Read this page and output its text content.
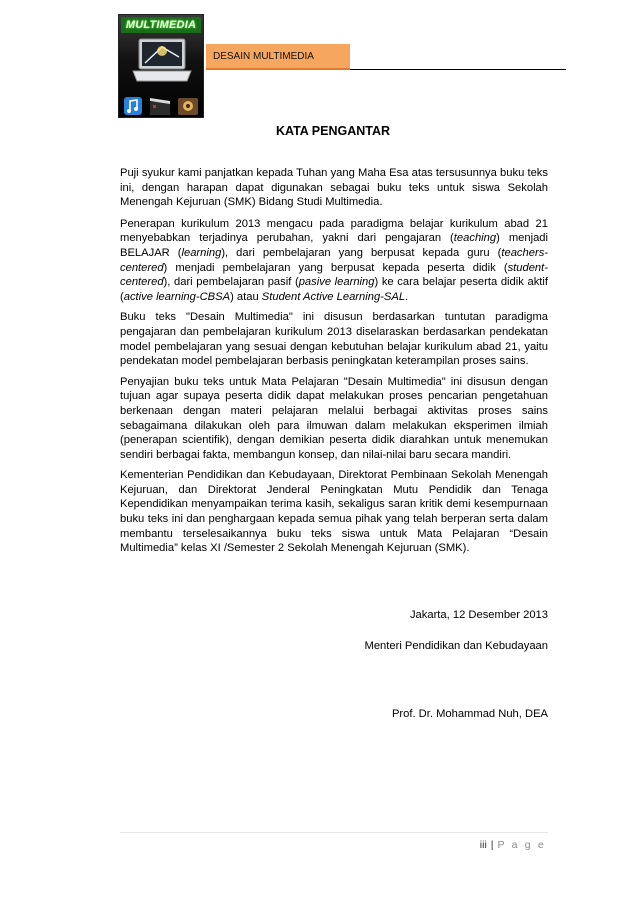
MULTIMEDIA
DESAIN MULTIMEDIA
KATA PENGANTAR

Puji syukur kami panjatkan kepada Tuhan yang Maha Esa atas tersusunnya buku teks ini, dengan harapan dapat digunakan sebagai buku teks untuk siswa Sekolah Menengah Kejuruan (SMK) Bidang Studi Multimedia.

Penerapan kurikulum 2013 mengacu pada paradigma belajar kurikulum abad 21 menyebabkan terjadinya perubahan, yakni dari pengajaran (teaching) menjadi BELAJAR (learning), dari pembelajaran yang berpusat kepada guru (teachers-centered) menjadi pembelajaran yang berpusat kepada peserta didik (student-centered), dari pembelajaran pasif (pasive learning) ke cara belajar peserta didik aktif (active learning-CBSA) atau Student Active Learning-SAL.

Buku teks "Desain Multimedia" ini disusun berdasarkan tuntutan paradigma pengajaran dan pembelajaran kurikulum 2013 diselaraskan berdasarkan pendekatan model pembelajaran yang sesuai dengan kebutuhan belajar kurikulum abad 21, yaitu pendekatan model pembelajaran berbasis peningkatan keterampilan proses sains.

Penyajian buku teks untuk Mata Pelajaran "Desain Multimedia" ini disusun dengan tujuan agar supaya peserta didik dapat melakukan proses pencarian pengetahuan berkenaan dengan materi pelajaran melalui berbagai aktivitas proses sains sebagaimana dilakukan oleh para ilmuwan dalam melakukan eksperimen ilmiah (penerapan scientifik), dengan demikian peserta didik diarahkan untuk menemukan sendiri berbagai fakta, membangun konsep, dan nilai-nilai baru secara mandiri.

Kementerian Pendidikan dan Kebudayaan, Direktorat Pembinaan Sekolah Menengah Kejuruan, dan Direktorat Jenderal Peningkatan Mutu Pendidik dan Tenaga Kependidikan menyampaikan terima kasih, sekaligus saran kritik demi kesempurnaan buku teks ini dan penghargaan kepada semua pihak yang telah berperan serta dalam membantu terselesaikannya buku teks siswa untuk Mata Pelajaran “Desain Multimedia” kelas XI /Semester 2 Sekolah Menengah Kejuruan (SMK).

Jakarta, 12 Desember 2013
Menteri Pendidikan dan Kebudayaan
Prof. Dr. Mohammad Nuh, DEA
iii | P a g e
